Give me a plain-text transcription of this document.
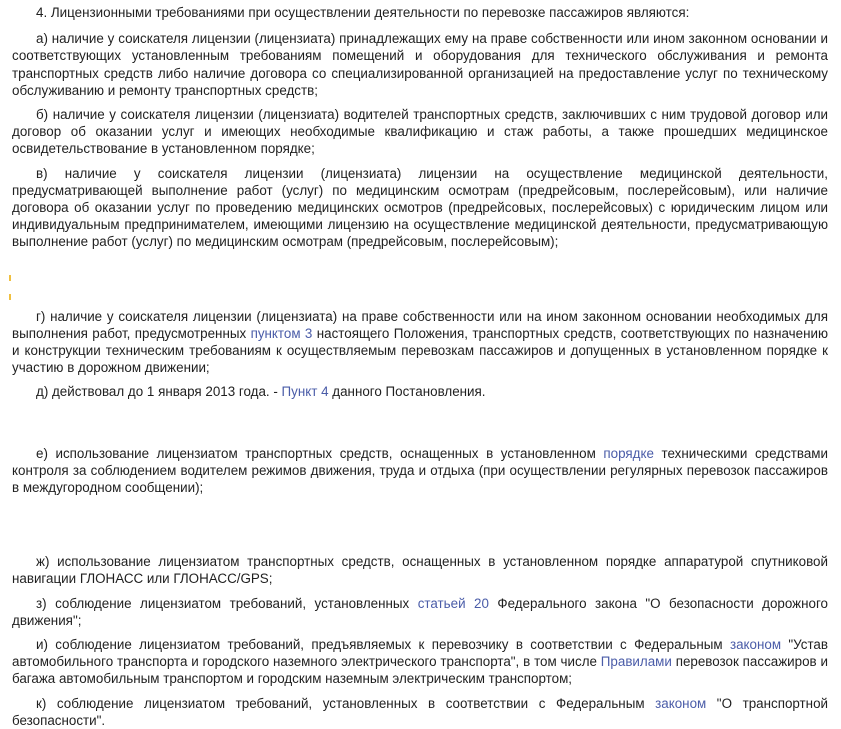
4. Лицензионными требованиями при осуществлении деятельности по перевозке пассажиров являются:

а) наличие у соискателя лицензии (лицензиата) принадлежащих ему на праве собственности или ином законном основании и соответствующих установленным требованиям помещений и оборудования для технического обслуживания и ремонта транспортных средств либо наличие договора со специализированной организацией на предоставление услуг по техническому обслуживанию и ремонту транспортных средств;

б) наличие у соискателя лицензии (лицензиата) водителей транспортных средств, заключивших с ним трудовой договор или договор об оказании услуг и имеющих необходимые квалификацию и стаж работы, а также прошедших медицинское освидетельствование в установленном порядке;

в) наличие у соискателя лицензии (лицензиата) лицензии на осуществление медицинской деятельности, предусматривающей выполнение работ (услуг) по медицинским осмотрам (предрейсовым, послерейсовым), или наличие договора об оказании услуг по проведению медицинских осмотров (предрейсовых, послерейсовых) с юридическим лицом или индивидуальным предпринимателем, имеющими лицензию на осуществление медицинской деятельности, предусматривающую выполнение работ (услуг) по медицинским осмотрам (предрейсовым, послерейсовым);

г) наличие у соискателя лицензии (лицензиата) на праве собственности или на ином законном основании необходимых для выполнения работ, предусмотренных пунктом 3 настоящего Положения, транспортных средств, соответствующих по назначению и конструкции техническим требованиям к осуществляемым перевозкам пассажиров и допущенных в установленном порядке к участию в дорожном движении;

д) действовал до 1 января 2013 года. - Пункт 4 данного Постановления.

е) использование лицензиатом транспортных средств, оснащенных в установленном порядке техническими средствами контроля за соблюдением водителем режимов движения, труда и отдыха (при осуществлении регулярных перевозок пассажиров в междугородном сообщении);

ж) использование лицензиатом транспортных средств, оснащенных в установленном порядке аппаратурой спутниковой навигации ГЛОНАСС или ГЛОНАСС/GPS;

з) соблюдение лицензиатом требований, установленных статьей 20 Федерального закона "О безопасности дорожного движения";

и) соблюдение лицензиатом требований, предъявляемых к перевозчику в соответствии с Федеральным законом "Устав автомобильного транспорта и городского наземного электрического транспорта", в том числе Правилами перевозок пассажиров и багажа автомобильным транспортом и городским наземным электрическим транспортом;

к) соблюдение лицензиатом требований, установленных в соответствии с Федеральным законом "О транспортной безопасности".
